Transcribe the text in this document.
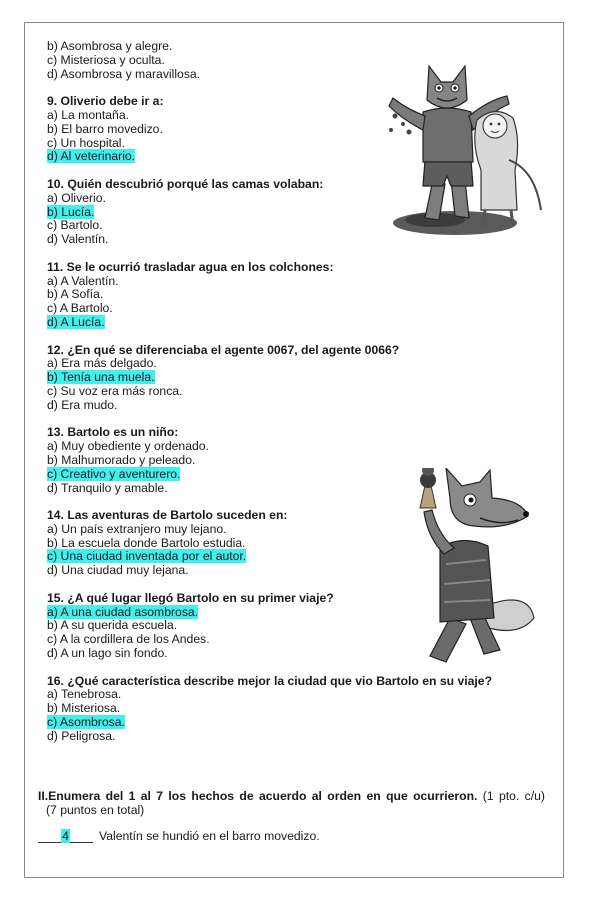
b) Asombrosa y alegre.
c) Misteriosa y oculta.
d) Asombrosa y maravillosa.
9. Oliverio debe ir a:
a) La montaña.
b) El barro movedizo.
c) Un hospital.
d) Al veterinario.
10. Quién descubrió porqué las camas volaban:
a) Oliverio.
b) Lucía.
c) Bartolo.
d) Valentín.
11. Se le ocurrió trasladar agua en los colchones:
a) A Valentín.
b) A Sofía.
c) A Bartolo.
d) A Lucía.
12. ¿En qué se diferenciaba el agente 0067, del agente 0066?
a) Era más delgado.
b) Tenía una muela.
c) Su voz era más ronca.
d) Era mudo.
13. Bartolo es un niño:
a) Muy obediente y ordenado.
b) Malhumorado y peleado.
c) Creativo y aventurero.
d) Tranquilo y amable.
14. Las aventuras de Bartolo suceden en:
a) Un país extranjero muy lejano.
b) La escuela donde Bartolo estudia.
c) Una ciudad inventada por el autor.
d) Una ciudad muy lejana.
15. ¿A qué lugar llegó Bartolo en su primer viaje?
a) A una ciudad asombrosa.
b) A su querida escuela.
c) A la cordillera de los Andes.
d) A un lago sin fondo.
16. ¿Qué característica describe mejor la ciudad que vio Bartolo en su viaje?
a) Tenebrosa.
b) Misteriosa.
c) Asombrosa.
d) Peligrosa.
II.Enumera del 1 al 7 los hechos de acuerdo al orden en que ocurrieron. (1 pto. c/u)
(7 puntos en total)
4 Valentín se hundió en el barro movedizo.
